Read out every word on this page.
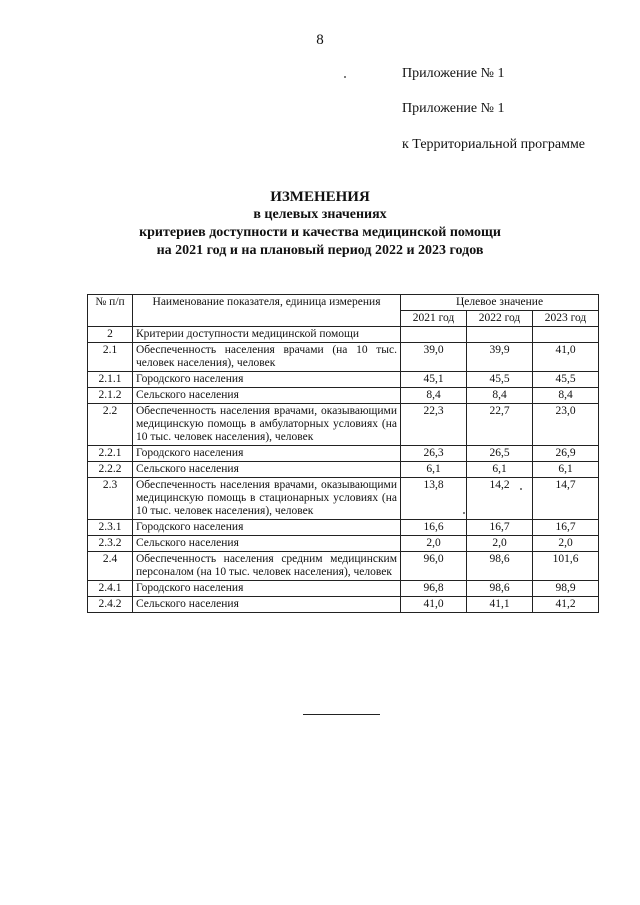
8
Приложение № 1
Приложение № 1
к Территориальной программе
ИЗМЕНЕНИЯ
в целевых значениях
критериев доступности и качества медицинской помощи
на 2021 год и на плановый период 2022 и 2023 годов
№ п/п	Наименование показателя, единица измерения	Целевое значение		
		2021 год	2022 год	2023 год
2	Критерии доступности медицинской помощи			
2.1	Обеспеченность населения врачами (на 10 тыс. человек населения), человек	39,0	39,9	41,0
2.1.1	Городского населения	45,1	45,5	45,5
2.1.2	Сельского населения	8,4	8,4	8,4
2.2	Обеспеченность населения врачами, оказывающими медицинскую помощь в амбулаторных условиях (на 10 тыс. человек населения), человек	22,3	22,7	23,0
2.2.1	Городского населения	26,3	26,5	26,9
2.2.2	Сельского населения	6,1	6,1	6,1
2.3	Обеспеченность населения врачами, оказывающими медицинскую помощь в стационарных условиях (на 10 тыс. человек населения), человек	13,8	14,2	14,7
2.3.1	Городского населения	16,6	16,7	16,7
2.3.2	Сельского населения	2,0	2,0	2,0
2.4	Обеспеченность населения средним медицинским персоналом (на 10 тыс. человек населения), человек	96,0	98,6	101,6
2.4.1	Городского населения	96,8	98,6	98,9
2.4.2	Сельского населения	41,0	41,1	41,2
